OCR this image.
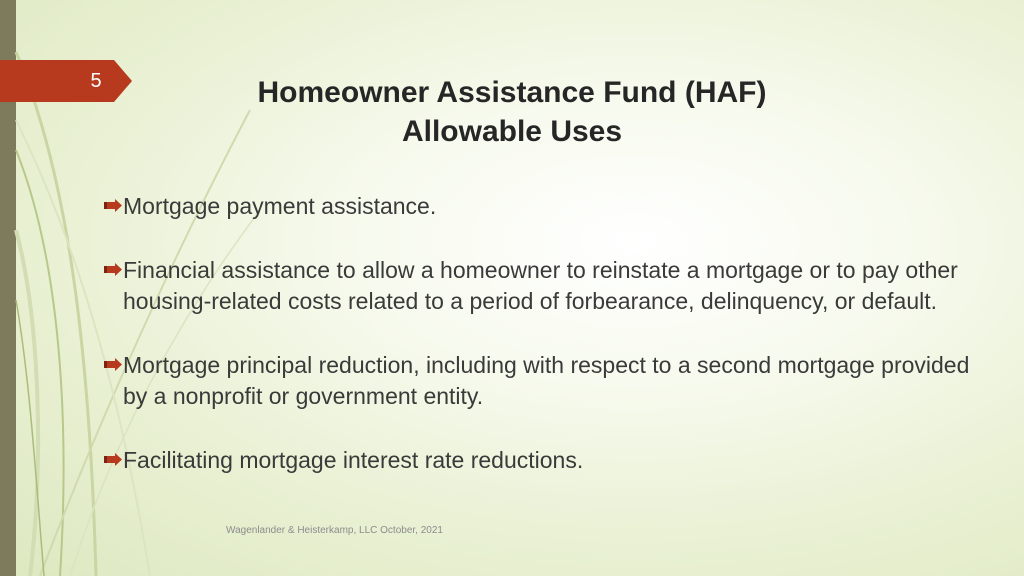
5	Homeowner Assistance Fund (HAF)
Allowable Uses
Mortgage payment assistance.
Financial assistance to allow a homeowner to reinstate a mortgage or to pay other housing-related costs related to a period of forbearance, delinquency, or default.
Mortgage principal reduction, including with respect to a second mortgage provided by a nonprofit or government entity.
Facilitating mortgage interest rate reductions.
Wagenlander & Heisterkamp, LLC October, 2021
